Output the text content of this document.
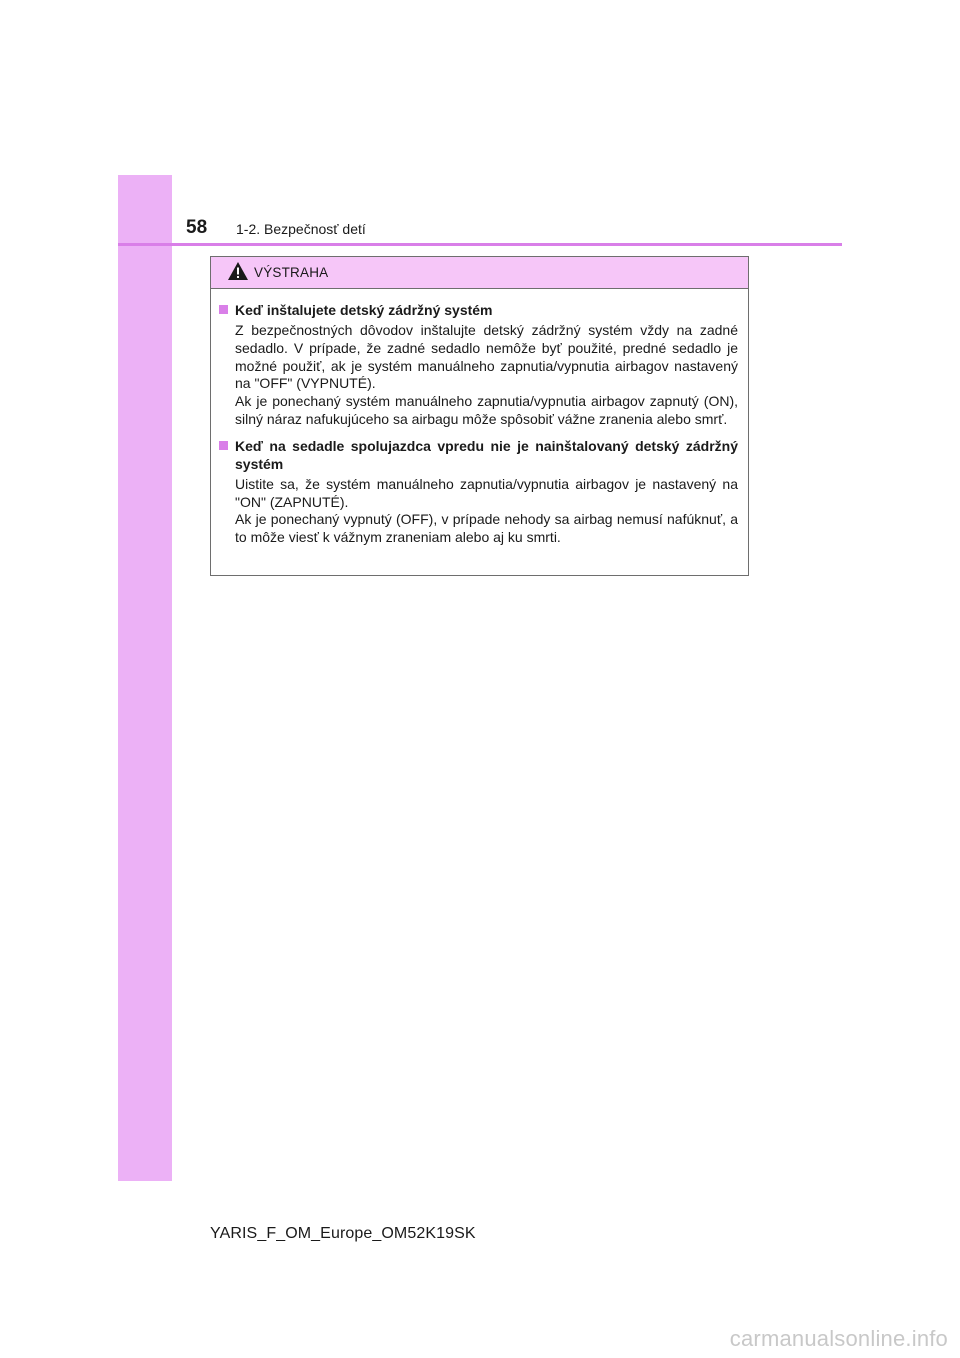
58 1-2. Bezpečnosť detí
VÝSTRAHA
Keď inštalujete detský zádržný systém
Z bezpečnostných dôvodov inštalujte detský zádržný systém vždy na zadné sedadlo. V prípade, že zadné sedadlo nemôže byť použité, predné sedadlo je možné použiť, ak je systém manuálneho zapnutia/vypnutia airbagov nastavený na "OFF" (VYPNUTÉ).
Ak je ponechaný systém manuálneho zapnutia/vypnutia airbagov zapnutý (ON), silný náraz nafukujúceho sa airbagu môže spôsobiť vážne zranenia alebo smrť.
Keď na sedadle spolujazdca vpredu nie je nainštalovaný detský zádržný systém
Uistite sa, že systém manuálneho zapnutia/vypnutia airbagov je nastavený na "ON" (ZAPNUTÉ).
Ak je ponechaný vypnutý (OFF), v prípade nehody sa airbag nemusí nafúknuť, a to môže viesť k vážnym zraneniam alebo aj ku smrti.
YARIS_F_OM_Europe_OM52K19SK
carmanualsonline.info
